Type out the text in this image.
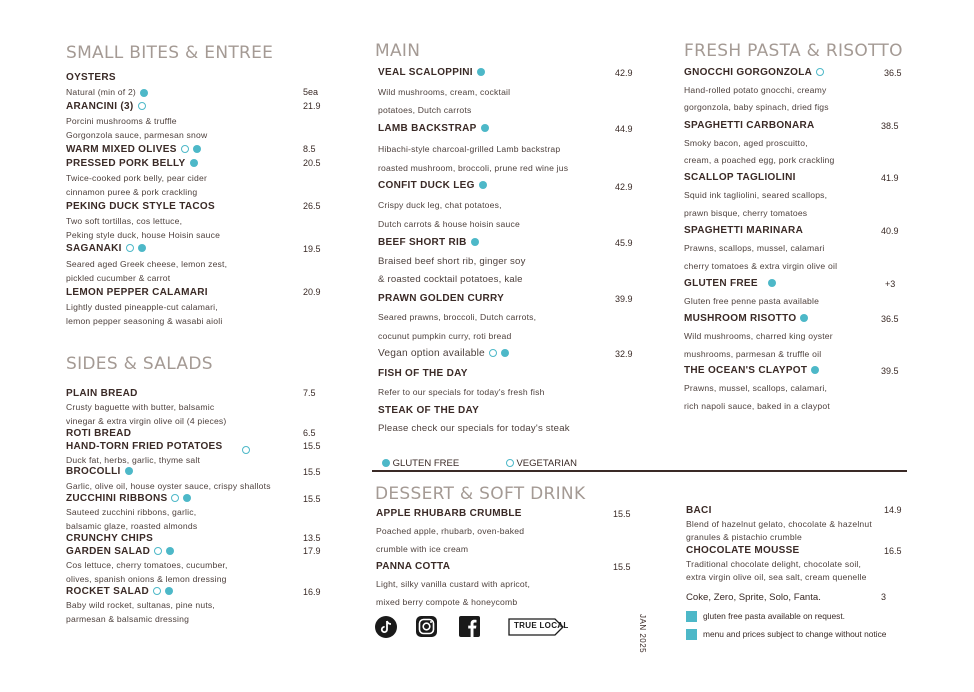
SMALL BITES & ENTREE
OYSTERS
Natural (min of 2)	5ea
ARANCINI (3)	21.9
Porcini mushrooms & truffle
Gorgonzola sauce, parmesan snow
WARM MIXED OLIVES	8.5
PRESSED PORK BELLY	20.5
Twice-cooked pork belly, pear cider
cinnamon puree & pork crackling
PEKING DUCK STYLE TACOS	26.5
Two soft tortillas, cos lettuce,
Peking style duck, house Hoisin sauce
SAGANAKI	19.5
Seared aged Greek cheese, lemon zest,
pickled cucumber & carrot
LEMON PEPPER CALAMARI	20.9
Lightly dusted pineapple-cut calamari,
lemon pepper seasoning & wasabi aioli
SIDES & SALADS
PLAIN BREAD	7.5
Crusty baguette with butter, balsamic
vinegar & extra virgin olive oil (4 pieces)
ROTI BREAD	6.5
HAND-TORN FRIED POTATOES	15.5
Duck fat, herbs, garlic, thyme salt
BROCOLLI	15.5
Garlic, olive oil, house oyster sauce, crispy shallots
ZUCCHINI RIBBONS	15.5
Sauteed zucchini ribbons, garlic,
balsamic glaze, roasted almonds
CRUNCHY CHIPS	13.5
GARDEN SALAD	17.9
Cos lettuce, cherry tomatoes, cucumber,
olives, spanish onions & lemon dressing
ROCKET SALAD	16.9
Baby wild rocket, sultanas, pine nuts,
parmesan & balsamic dressing
MAIN
VEAL SCALOPPINI	42.9
Wild mushrooms, cream, cocktail
potatoes, Dutch carrots
LAMB BACKSTRAP	44.9
Hibachi-style charcoal-grilled Lamb backstrap
roasted mushroom, broccoli, prune red wine jus
CONFIT DUCK LEG	42.9
Crispy duck leg, chat potatoes,
Dutch carrots & house hoisin sauce
BEEF SHORT RIB	45.9
Braised beef short rib, ginger soy
& roasted cocktail potatoes, kale
PRAWN GOLDEN CURRY	39.9
Seared prawns, broccoli, Dutch carrots,
cocunut pumpkin curry, roti bread
Vegan option available	32.9
FISH OF THE DAY
Refer to our specials for today's fresh fish
STEAK OF THE DAY
Please check our specials for today's steak
GLUTEN FREE	VEGETARIAN
FRESH PASTA & RISOTTO
GNOCCHI GORGONZOLA	36.5
Hand-rolled potato gnocchi, creamy
gorgonzola, baby spinach, dried figs
SPAGHETTI CARBONARA	38.5
Smoky bacon, aged proscuitto,
cream, a poached egg, pork crackling
SCALLOP TAGLIOLINI	41.9
Squid ink tagliolini, seared scallops,
prawn bisque, cherry tomatoes
SPAGHETTI MARINARA	40.9
Prawns, scallops, mussel, calamari
cherry tomatoes & extra virgin olive oil
GLUTEN FREE	+3
Gluten free penne pasta available
MUSHROOM RISOTTO	36.5
Wild mushrooms, charred king oyster
mushrooms, parmesan & truffle oil
THE OCEAN'S CLAYPOT	39.5
Prawns, mussel, scallops, calamari,
rich napoli sauce, baked in a claypot
DESSERT & SOFT DRINK
APPLE RHUBARB CRUMBLE	15.5
Poached apple, rhubarb, oven-baked
crumble with ice cream
PANNA COTTA	15.5
Light, silky vanilla custard with apricot,
mixed berry compote & honeycomb
BACI	14.9
Blend of hazelnut gelato, chocolate & hazelnut
granules & pistachio crumble
CHOCOLATE MOUSSE	16.5
Traditional chocolate delight, chocolate soil,
extra virgin olive oil, sea salt, cream quenelle
Coke, Zero, Sprite, Solo, Fanta.	3
gluten free pasta available on request.
menu and prices subject to change without notice
JAN 2025
TRUE LOCAL
